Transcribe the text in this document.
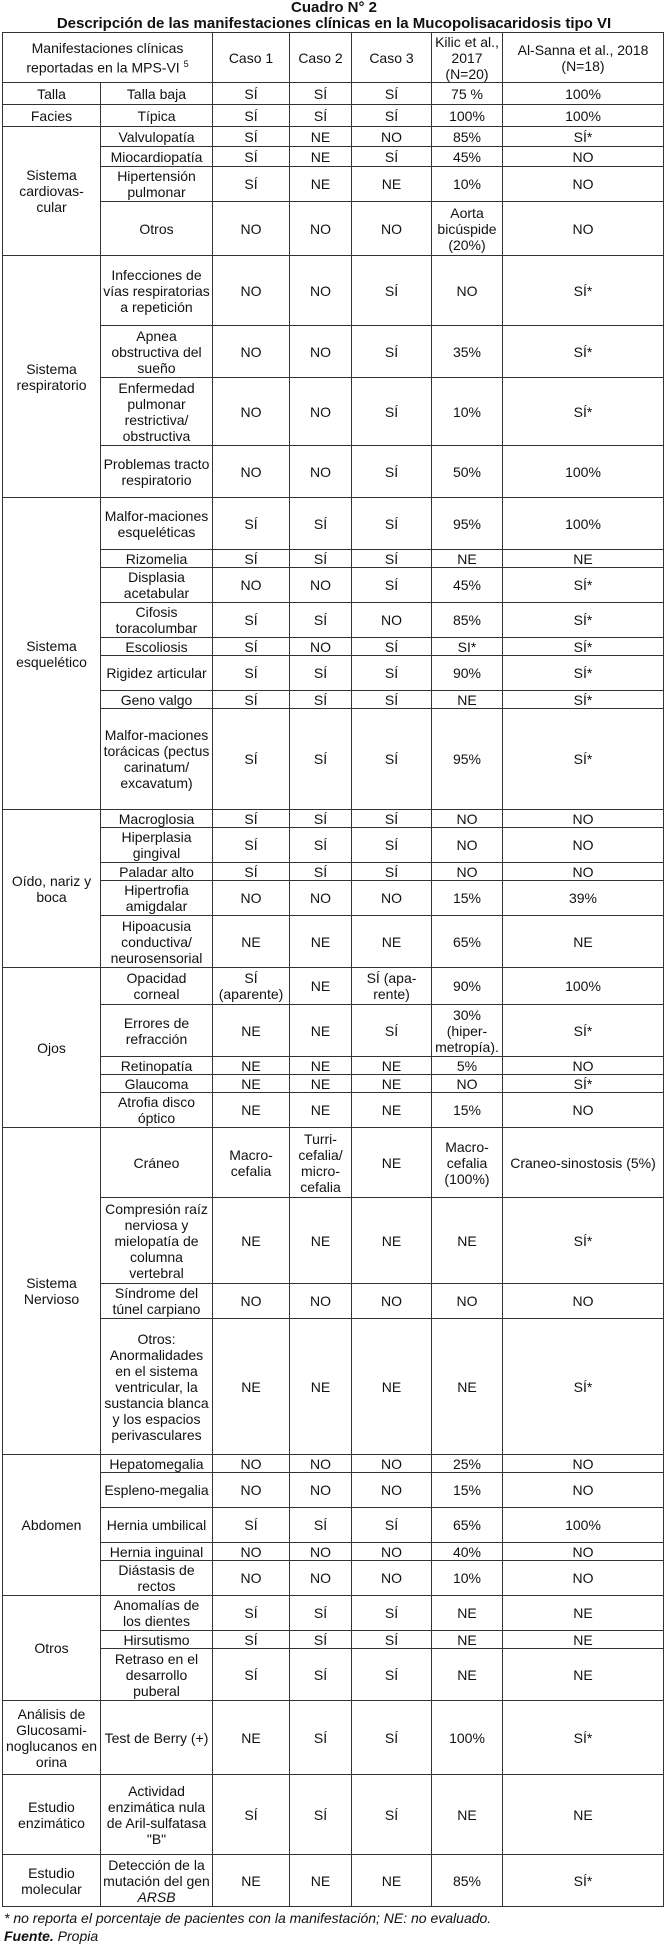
Cuadro N° 2
Descripción de las manifestaciones clínicas en la Mucopolisacaridosis tipo VI
Manifestaciones clínicas reportadas en la MPS-VI $^5$		Caso 1	Caso 2	Caso 3	Kilic et al., 2017 (N=20)	Al-Sanna et al., 2018 (N=18)
Talla	Talla baja	SÍ	SÍ	SÍ	75 %	100%
Facies	Típica	SÍ	SÍ	SÍ	100%	100%
Sistema cardiovas-cular	Valvulopatía	SÍ	NE	NO	85%	SÍ*
	Miocardiopatía	SÍ	NE	SÍ	45%	NO
	Hipertensión pulmonar	SÍ	NE	NE	10%	NO
	Otros	NO	NO	NO	Aorta bicúspide (20%)	NO
Sistema respiratorio	Infecciones de vías respiratorias a repetición	NO	NO	SÍ	NO	SÍ*
	Apnea obstructiva del sueño	NO	NO	SÍ	35%	SÍ*
	Enfermedad pulmonar restrictiva/ obstructiva	NO	NO	SÍ	10%	SÍ*
	Problemas tracto respiratorio	NO	NO	SÍ	50%	100%
Sistema esquelético	Malfor-maciones esqueléticas	SÍ	SÍ	SÍ	95%	100%
	Rizomelia	SÍ	SÍ	SÍ	NE	NE
	Displasia acetabular	NO	NO	SÍ	45%	SÍ*
	Cifosis toracolumbar	SÍ	SÍ	NO	85%	SÍ*
	Escoliosis	SÍ	NO	SÍ	SI*	SÍ*
	Rigidez articular	SÍ	SÍ	SÍ	90%	SÍ*
	Geno valgo	SÍ	SÍ	SÍ	NE	SÍ*
	Malfor-maciones torácicas (pectus carinatum/ excavatum)	SÍ	SÍ	SÍ	95%	SÍ*
Oído, nariz y boca	Macroglosia	SÍ	SÍ	SÍ	NO	NO
	Hiperplasia gingival	SÍ	SÍ	SÍ	NO	NO
	Paladar alto	SÍ	SÍ	SÍ	NO	NO
	Hipertrofia amigdalar	NO	NO	NO	15%	39%
	Hipoacusia conductiva/ neurosensorial	NE	NE	NE	65%	NE
Ojos	Opacidad corneal	SÍ (aparente)	NE	SÍ (apa-rente)	90%	100%
	Errores de refracción	NE	NE	SÍ	30% (hiper-metropía).	SÍ*
	Retinopatía	NE	NE	NE	5%	NO
	Glaucoma	NE	NE	NE	NO	SÍ*
	Atrofia disco óptico	NE	NE	NE	15%	NO
Sistema Nervioso	Cráneo	Macro-cefalia	Turri-cefalia/ micro-cefalia	NE	Macro-cefalia (100%)	Craneo-sinostosis (5%)
	Compresión raíz nerviosa y mielopatía de columna vertebral	NE	NE	NE	NE	SÍ*
	Síndrome del túnel carpiano	NO	NO	NO	NO	NO
	Otros: Anormalidades en el sistema ventricular, la sustancia blanca y los espacios perivasculares	NE	NE	NE	NE	SÍ*
Abdomen	Hepatomegalia	NO	NO	NO	25%	NO
	Espleno-megalia	NO	NO	NO	15%	NO
	Hernia umbilical	SÍ	SÍ	SÍ	65%	100%
	Hernia inguinal	NO	NO	NO	40%	NO
	Diástasis de rectos	NO	NO	NO	10%	NO
Otros	Anomalías de los dientes	SÍ	SÍ	SÍ	NE	NE
	Hirsutismo	SÍ	SÍ	SÍ	NE	NE
	Retraso en el desarrollo puberal	SÍ	SÍ	SÍ	NE	NE
Análisis de Glucosami-noglucanos en orina	Test de Berry (+)	NE	SÍ	SÍ	100%	SÍ*
Estudio enzimático	Actividad enzimática nula de Aril-sulfatasa "B"	SÍ	SÍ	SÍ	NE	NE
Estudio molecular	Detección de la mutación del gen ARSB	NE	NE	NE	85%	SÍ*
* no reporta el porcentaje de pacientes con la manifestación; NE: no evaluado.
Fuente. Propia
